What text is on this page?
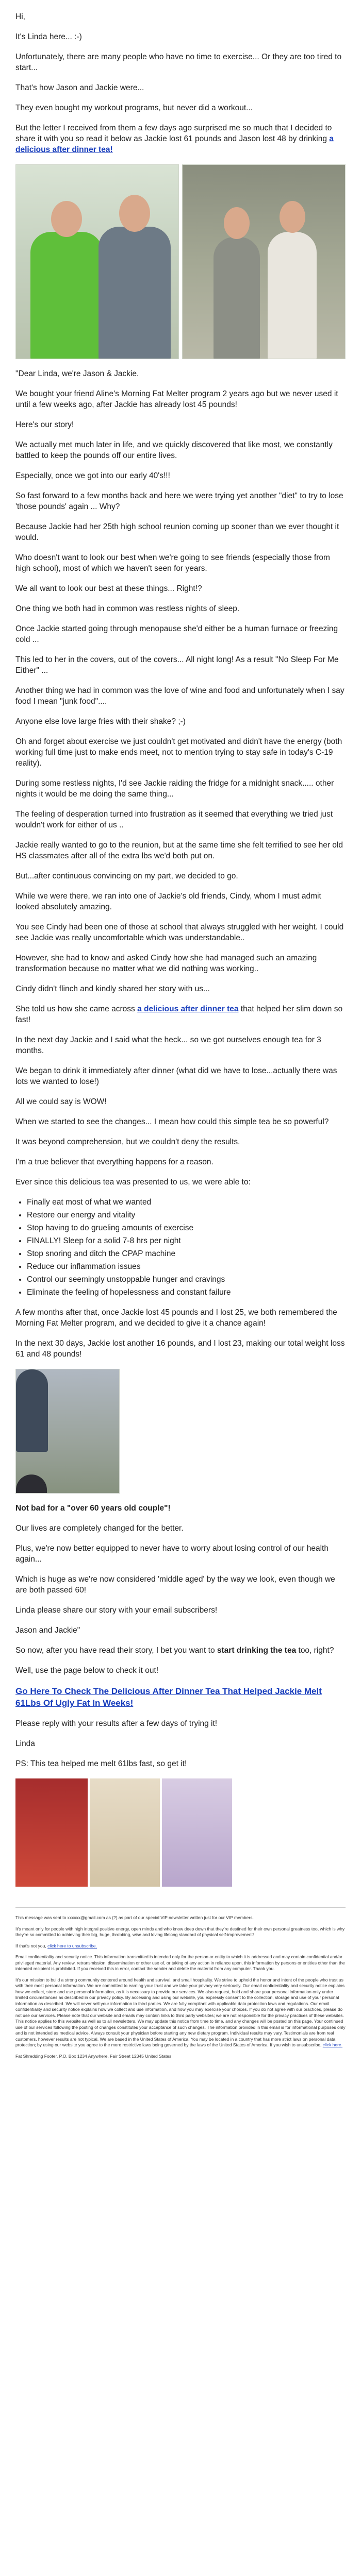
Hi,

It's Linda here... :-)

Unfortunately, there are many people who have no time to exercise... Or they are too tired to start...

That's how Jason and Jackie were...

They even bought my workout programs, but never did a workout...

But the letter I received from them a few days ago surprised me so much that I decided to share it with you so read it below as Jackie lost 61 pounds and Jason lost 48 by drinking a delicious after dinner tea!

"Dear Linda, we're Jason & Jackie.

We bought your friend Aline's Morning Fat Melter program 2 years ago but we never used it until a few weeks ago, after Jackie has already lost 45 pounds!

Here's our story!

We actually met much later in life, and we quickly discovered that like most, we constantly battled to keep the pounds off our entire lives.

Especially, once we got into our early 40's!!!

So fast forward to a few months back and here we were trying yet another "diet" to try to lose 'those pounds' again ... Why?

Because Jackie had her 25th high school reunion coming up sooner than we ever thought it would.

Who doesn't want to look our best when we're going to see friends (especially those from high school), most of which we haven't seen for years.

We all want to look our best at these things... Right!?

One thing we both had in common was restless nights of sleep.

Once Jackie started going through menopause she'd either be a human furnace or freezing cold ...

This led to her in the covers, out of the covers... All night long! As a result "No Sleep For Me Either" ...

Another thing we had in common was the love of wine and food and unfortunately when I say food I mean "junk food"....

Anyone else love large fries with their shake? ;-)

Oh and forget about exercise we just couldn't get motivated and didn't have the energy (both working full time just to make ends meet, not to mention trying to stay safe in today's C-19 reality).

During some restless nights, I'd see Jackie raiding the fridge for a midnight snack..... other nights it would be me doing the same thing...

The feeling of desperation turned into frustration as it seemed that everything we tried just wouldn't work for either of us ..

Jackie really wanted to go to the reunion, but at the same time she felt terrified to see her old HS classmates after all of the extra lbs we'd both put on.

But...after continuous convincing on my part, we decided to go.

While we were there, we ran into one of Jackie's old friends, Cindy, whom I must admit looked absolutely amazing.

You see Cindy had been one of those at school that always struggled with her weight. I could see Jackie was really uncomfortable which was understandable..

However, she had to know and asked Cindy how she had managed such an amazing transformation because no matter what we did nothing was working..

Cindy didn't flinch and kindly shared her story with us...

She told us how she came across a delicious after dinner tea that helped her slim down so fast!

In the next day Jackie and I said what the heck... so we got ourselves enough tea for 3 months.

We began to drink it immediately after dinner (what did we have to lose...actually there was lots we wanted to lose!)

All we could say is WOW!

When we started to see the changes... I mean how could this simple tea be so powerful?

It was beyond comprehension, but we couldn't deny the results.

I'm a true believer that everything happens for a reason.

Ever since this delicious tea was presented to us, we were able to:

• Finally eat most of what we wanted
• Restore our energy and vitality
• Stop having to do grueling amounts of exercise
• FINALLY! Sleep for a solid 7-8 hrs per night
• Stop snoring and ditch the CPAP machine
• Reduce our inflammation issues
• Control our seemingly unstoppable hunger and cravings
• Eliminate the feeling of hopelessness and constant failure

A few months after that, once Jackie lost 45 pounds and I lost 25, we both remembered the Morning Fat Melter program, and we decided to give it a chance again!

In the next 30 days, Jackie lost another 16 pounds, and I lost 23, making our total weight loss 61 and 48 pounds!

Not bad for a "over 60 years old couple"!

Our lives are completely changed for the better.

Plus, we're now better equipped to never have to worry about losing control of our health again...

Which is huge as we're now considered 'middle aged' by the way we look, even though we are both passed 60!

Linda please share our story with your email subscribers!

Jason and Jackie"

So now, after you have read their story, I bet you want to start drinking the tea too, right?

Well, use the page below to check it out!

Go Here To Check The Delicious After Dinner Tea That Helped Jackie Melt 61Lbs Of Ugly Fat In Weeks!

Please reply with your results after a few days of trying it!

Linda

PS: This tea helped me melt 61lbs fast, so get it!

This message was sent to xxxxxx@gmail.com as (?) as part of our special VIP newsletter written just for our VIP members.

It's meant only for people with high integral positive energy, open minds and who know deep down that they're destined for their own personal greatness too, which is why they're so committed to achieving their big, huge, throbbing, wise and loving lifelong standard of physical self-improvement!

If that's not you, click here to unsubscribe.

Email confidentiality and security notice. This information transmitted is intended only for the person or entity to which it is addressed and may contain confidential and/or privileged material. Any review, retransmission, dissemination or other use of, or taking of any action in reliance upon, this information by persons or entities other than the intended recipient is prohibited. If you received this in error, contact the sender and delete the material from any computer. Thank you.

It's our mission to build a strong community centered around health and survival, and small hospitality. We strive to uphold the honor and intent of the people who trust us with their most personal information. We are committed to earning your trust and we take your privacy very seriously. Our email confidentiality and security notice explains how we collect, store and use personal information, as it is necessary to provide our services. We also request, hold and share your personal information only under limited circumstances as described in our privacy policy. By accessing and using our website, you expressly consent to the collection, storage and use of your personal information as described. We will never sell your information to third parties. We are fully compliant with applicable data protection laws and regulations. Our email confidentiality and security notice explains how we collect and use information, and how you may exercise your choices. If you do not agree with our practices, please do not use our services. Please note that our website and emails may contain links to third party websites; we are not responsible for the privacy practices of these websites. This notice applies to this website as well as to all newsletters. We may update this notice from time to time, and any changes will be posted on this page. Your continued use of our services following the posting of changes constitutes your acceptance of such changes. The information provided in this email is for informational purposes only and is not intended as medical advice. Always consult your physician before starting any new dietary program. Individual results may vary. Testimonials are from real customers, however results are not typical. We are based in the United States of America. You may be located in a country that has more strict laws on personal data protection; by using our website you agree to the more restrictive laws being governed by the laws of the United States of America. If you wish to unsubscribe, click here.

Fat Shredding Footer, P.O. Box 1234 Anywhere, Fair Street 12345 United States
